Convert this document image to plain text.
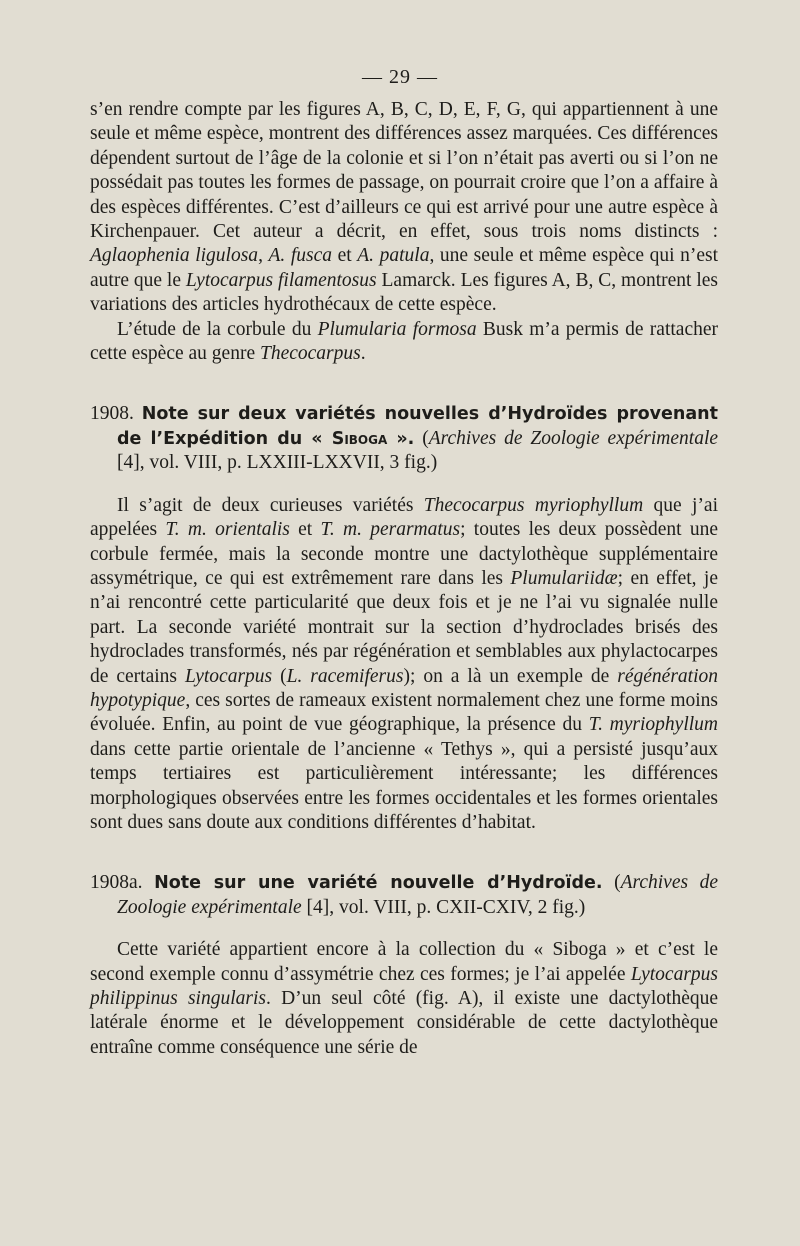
— 29 —

s’en rendre compte par les figures A, B, C, D, E, F, G, qui appartiennent à une seule et même espèce, montrent des différences assez marquées. Ces différences dépendent surtout de l’âge de la colonie et si l’on n’était pas averti ou si l’on ne possédait pas toutes les formes de passage, on pourrait croire que l’on a affaire à des espèces différentes. C’est d’ailleurs ce qui est arrivé pour une autre espèce à Kirchenpauer. Cet auteur a décrit, en effet, sous trois noms distincts : Aglaophenia ligulosa, A. fusca et A. patula, une seule et même espèce qui n’est autre que le Lytocarpus filamentosus Lamarck. Les figures A, B, C, montrent les variations des articles hydrothécaux de cette espèce.

L’étude de la corbule du Plumularia formosa Busk m’a permis de rattacher cette espèce au genre Thecocarpus.

1908. Note sur deux variétés nouvelles d’Hydroïdes provenant de l’Expédition du « Siboga ». (Archives de Zoologie expérimentale [4], vol. VIII, p. LXXIII-LXXVII, 3 fig.)

Il s’agit de deux curieuses variétés Thecocarpus myriophyllum que j’ai appelées T. m. orientalis et T. m. perarmatus; toutes les deux possèdent une corbule fermée, mais la seconde montre une dactylothèque supplémentaire assymétrique, ce qui est extrêmement rare dans les Plumulariidæ; en effet, je n’ai rencontré cette particularité que deux fois et je ne l’ai vu signalée nulle part. La seconde variété montrait sur la section d’hydroclades brisés des hydroclades transformés, nés par régénération et semblables aux phylactocarpes de certains Lytocarpus (L. racemiferus); on a là un exemple de régénération hypotypique, ces sortes de rameaux existent normalement chez une forme moins évoluée. Enfin, au point de vue géographique, la présence du T. myriophyllum dans cette partie orientale de l’ancienne « Tethys », qui a persisté jusqu’aux temps tertiaires est particulièrement intéressante; les différences morphologiques observées entre les formes occidentales et les formes orientales sont dues sans doute aux conditions différentes d’habitat.

1908a. Note sur une variété nouvelle d’Hydroïde. (Archives de Zoologie expérimentale [4], vol. VIII, p. CXII-CXIV, 2 fig.)

Cette variété appartient encore à la collection du « Siboga » et c’est le second exemple connu d’assymétrie chez ces formes; je l’ai appelée Lytocarpus philippinus singularis. D’un seul côté (fig. A), il existe une dactylothèque latérale énorme et le développement considérable de cette dactylothèque entraîne comme conséquence une série de
